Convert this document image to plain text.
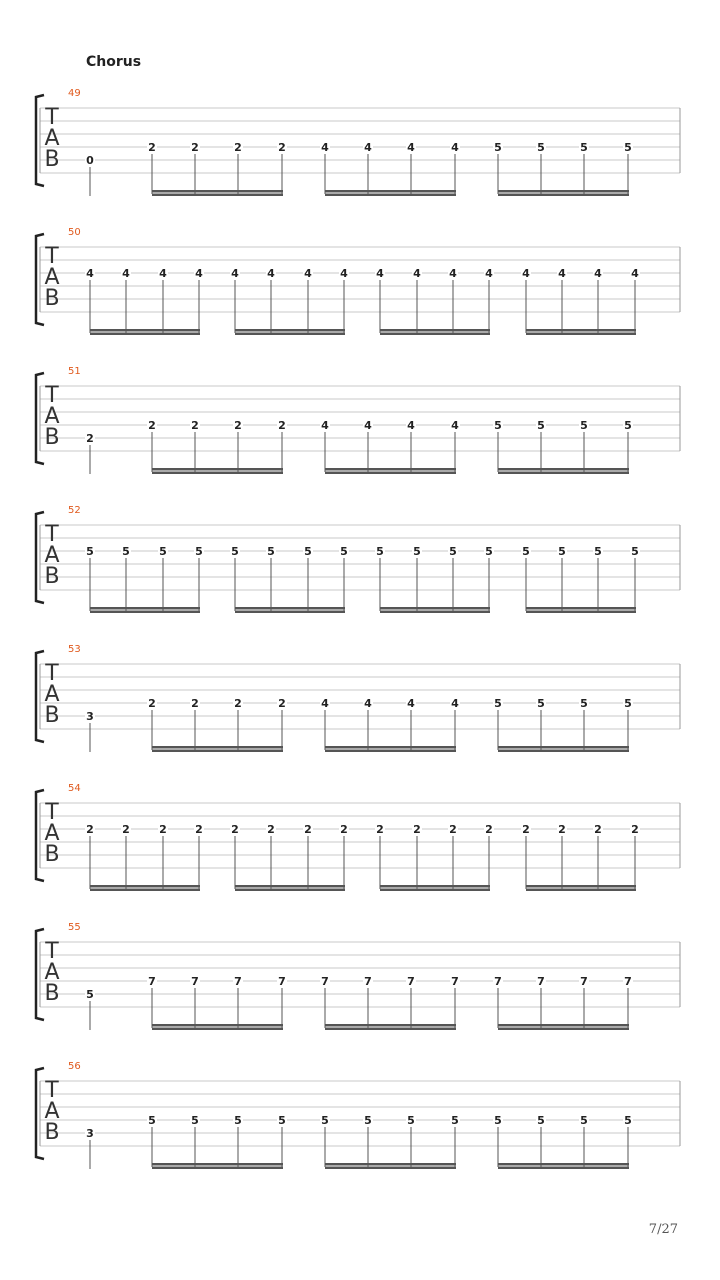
Chorus
T
A
B
49
0
2	2	2	2	4	4	4	4	5	5	5	5
T
A
B
50
4	4	4	4	4	4	4	4	4	4	4	4	4	4	4	4
T
A
B
51
2
2	2	2	2	4	4	4	4	5	5	5	5
T
A
B
52
5	5	5	5	5	5	5	5	5	5	5	5	5	5	5	5
T
A
B
53
3
2	2	2	2	4	4	4	4	5	5	5	5
T
A
B
54
2	2	2	2	2	2	2	2	2	2	2	2	2	2	2	2
T
A
B
55
5
7	7	7	7	7	7	7	7	7	7	7	7
T
A
B
56
3
5	5	5	5	5	5	5	5	5	5	5	5
7/27
